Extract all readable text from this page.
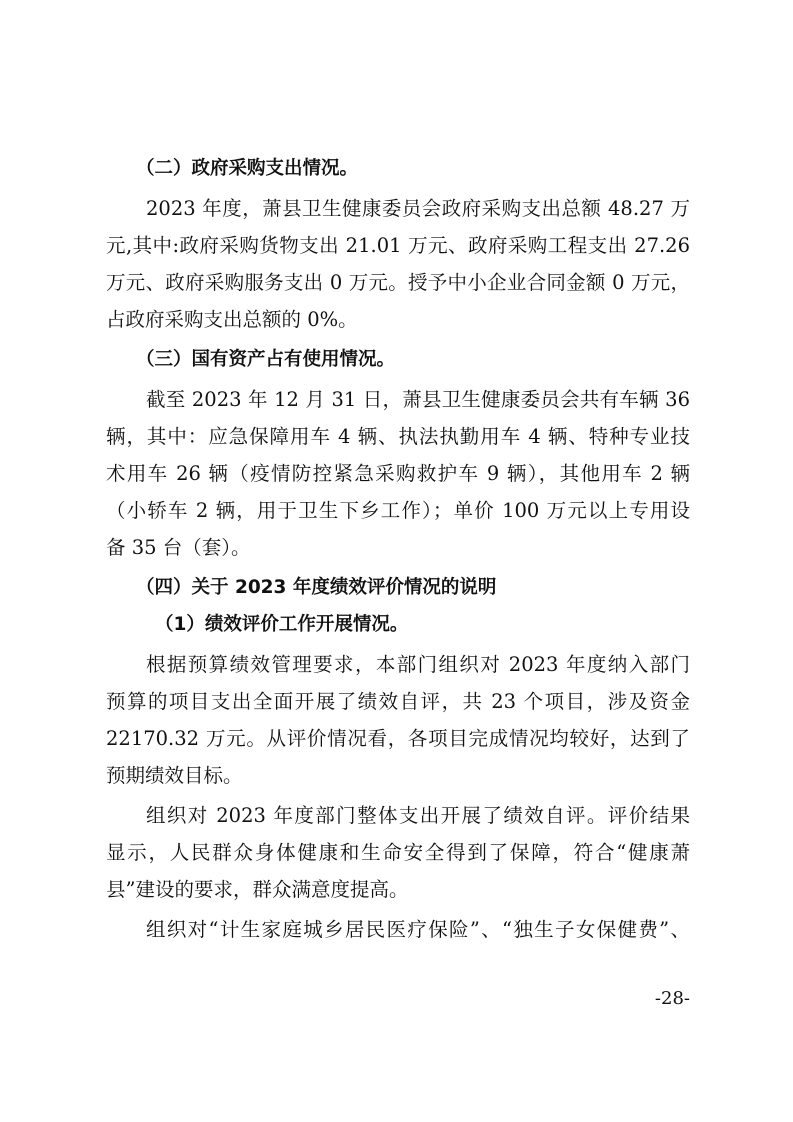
（二）政府采购支出情况。
2023 年度，萧县卫生健康委员会政府采购支出总额 48.27 万
元,其中:政府采购货物支出 21.01 万元、政府采购工程支出 27.26
万元、政府采购服务支出 0 万元。授予中小企业合同金额 0 万元，
占政府采购支出总额的 0%。
（三）国有资产占有使用情况。
截至 2023 年 12 月 31 日，萧县卫生健康委员会共有车辆 36
辆，其中：应急保障用车 4 辆、执法执勤用车 4 辆、特种专业技
术用车 26 辆（疫情防控紧急采购救护车 9 辆），其他用车 2 辆
（小轿车 2 辆，用于卫生下乡工作）；单价 100 万元以上专用设
备 35 台（套）。
（四）关于 2023 年度绩效评价情况的说明
（1）绩效评价工作开展情况。
根据预算绩效管理要求，本部门组织对 2023 年度纳入部门
预算的项目支出全面开展了绩效自评，共 23 个项目，涉及资金
22170.32 万元。从评价情况看，各项目完成情况均较好，达到了
预期绩效目标。
组织对 2023 年度部门整体支出开展了绩效自评。评价结果
显示，人民群众身体健康和生命安全得到了保障，符合“健康萧
县”建设的要求，群众满意度提高。
组织对“计生家庭城乡居民医疗保险”、“独生子女保健费”、
-28-
